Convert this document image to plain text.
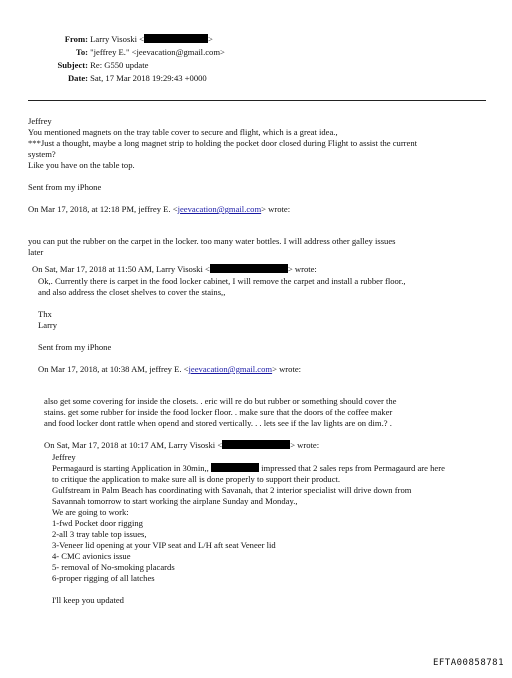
From: Larry Visoski <	>
To: "jeffrey E." <jeevacation@gmail.com>
Subject: Re: G550 update
Date: Sat, 17 Mar 2018 19:29:43 +0000
Jeffrey
You mentioned magnets on the tray table cover to secure and flight, which is a great idea.,
***Just a thought, maybe a long magnet strip to holding the pocket door closed during Flight to assist the current
system?
Like you have on the table top.
Sent from my iPhone
On Mar 17, 2018, at 12:18 PM, jeffrey E. <jeevacation@gmail.com> wrote:
you can put the rubber on the carpet in the locker. too many water bottles. I will address other galley issues
later
On Sat, Mar 17, 2018 at 11:50 AM, Larry Visoski <	> wrote:
Ok,. Currently there is carpet in the food locker cabinet, I will remove the carpet and install a rubber floor.,
and also address the closet shelves to cover the stains,,
Thx
Larry
Sent from my iPhone
On Mar 17, 2018, at 10:38 AM, jeffrey E. <jeevacation@gmail.com> wrote:
also get some covering for inside the closets. . eric will re do but rubber or something should cover the
stains. get some rubber for inside the food locker floor. . make sure that the doors of the coffee maker
and food locker dont rattle when opend and stored vertically. . . lets see if the lav lights are on dim.? .
On Sat, Mar 17, 2018 at 10:17 AM, Larry Visoski <	> wrote:
Jeffrey
Permagaurd is starting Application in 30min,,	impressed that 2 sales reps from Permagaurd are here
to critique the application to make sure all is done properly to support their product.
Gulfstream in Palm Beach has coordinating with Savanah, that 2 interior specialist will drive down from
Savannah tomorrow to start working the airplane Sunday and Monday.,
We are going to work:
1-fwd Pocket door rigging
2-all 3 tray table top issues,
3-Veneer lid opening at your VIP seat and L/H aft seat Veneer lid
4- CMC avionics issue
5- removal of No-smoking placards
6-proper rigging of all latches
I'll keep you updated
EFTA00858781
